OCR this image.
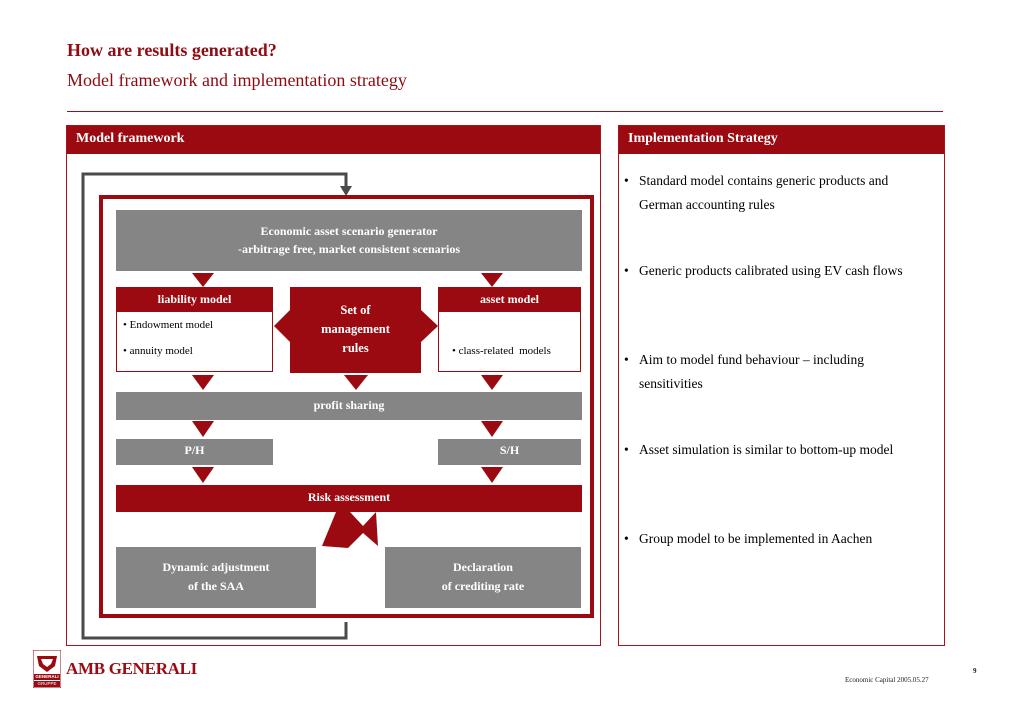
How are results generated?
Model framework and implementation strategy
Model framework
Economic asset scenario generator
-arbitrage free, market consistent scenarios
liability model
• Endowment model
• annuity model
Set of
management
rules
asset model
• class-related  models
profit sharing
P/H	S/H
Risk assessment
Dynamic adjustment
of the SAA
Declaration
of crediting rate
Implementation Strategy
• Standard model contains generic products and German accounting rules
• Generic products calibrated using EV cash flows
• Aim to model fund behaviour – including sensitivities
• Asset simulation is similar to bottom-up model
• Group model to be implemented in Aachen
GENERALI
GRUPPE
AMB GENERALI
Economic Capital 2005.05.27
9
